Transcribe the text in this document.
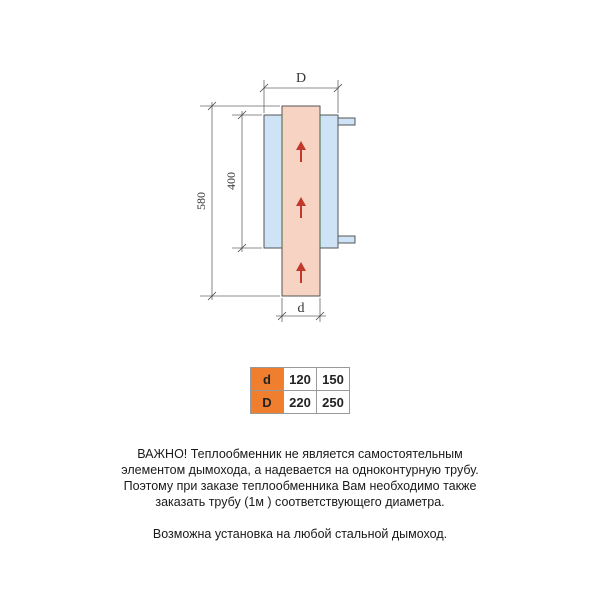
D
d
580
400
d	120	150
D	220	250

ВАЖНО! Теплообменник не является самостоятельным
элементом дымохода, а надевается на одноконтурную трубу.
Поэтому при заказе теплообменника Вам необходимо также
заказать трубу (1м ) соответствующего диаметра.

Возможна установка на любой стальной дымоход.
